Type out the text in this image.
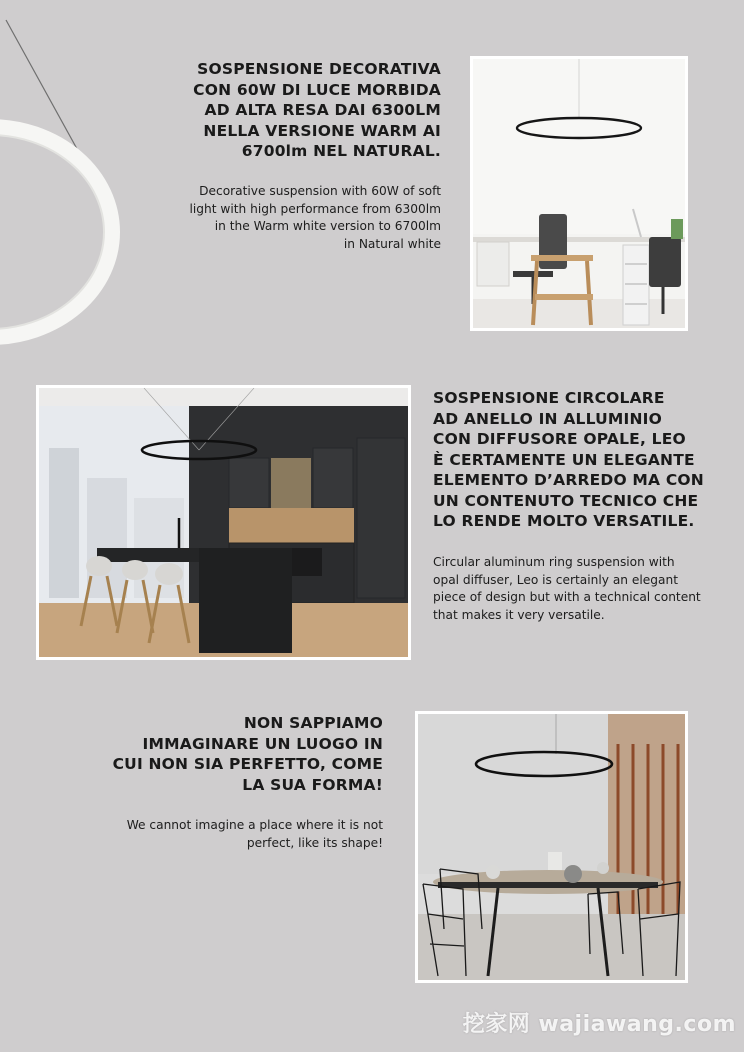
SOSPENSIONE DECORATIVA
CON 60W DI LUCE MORBIDA
AD ALTA RESA DAI 6300LM
NELLA VERSIONE WARM AI
6700lm NEL NATURAL.

Decorative suspension with 60W of soft
light with high performance from 6300lm
in the Warm white version to 6700lm
in Natural white

SOSPENSIONE CIRCOLARE
AD ANELLO IN ALLUMINIO
CON DIFFUSORE OPALE, LEO
È CERTAMENTE UN ELEGANTE
ELEMENTO D’ARREDO MA CON
UN CONTENUTO TECNICO CHE
LO RENDE MOLTO VERSATILE.

Circular aluminum ring suspension with
opal diffuser, Leo is certainly an elegant
piece of design but with a technical content
that makes it very versatile.

NON SAPPIAMO
IMMAGINARE UN LUOGO IN
CUI NON SIA PERFETTO, COME
LA SUA FORMA!

We cannot imagine a place where it is not
perfect, like its shape!

挖家网 wajiawang.com
